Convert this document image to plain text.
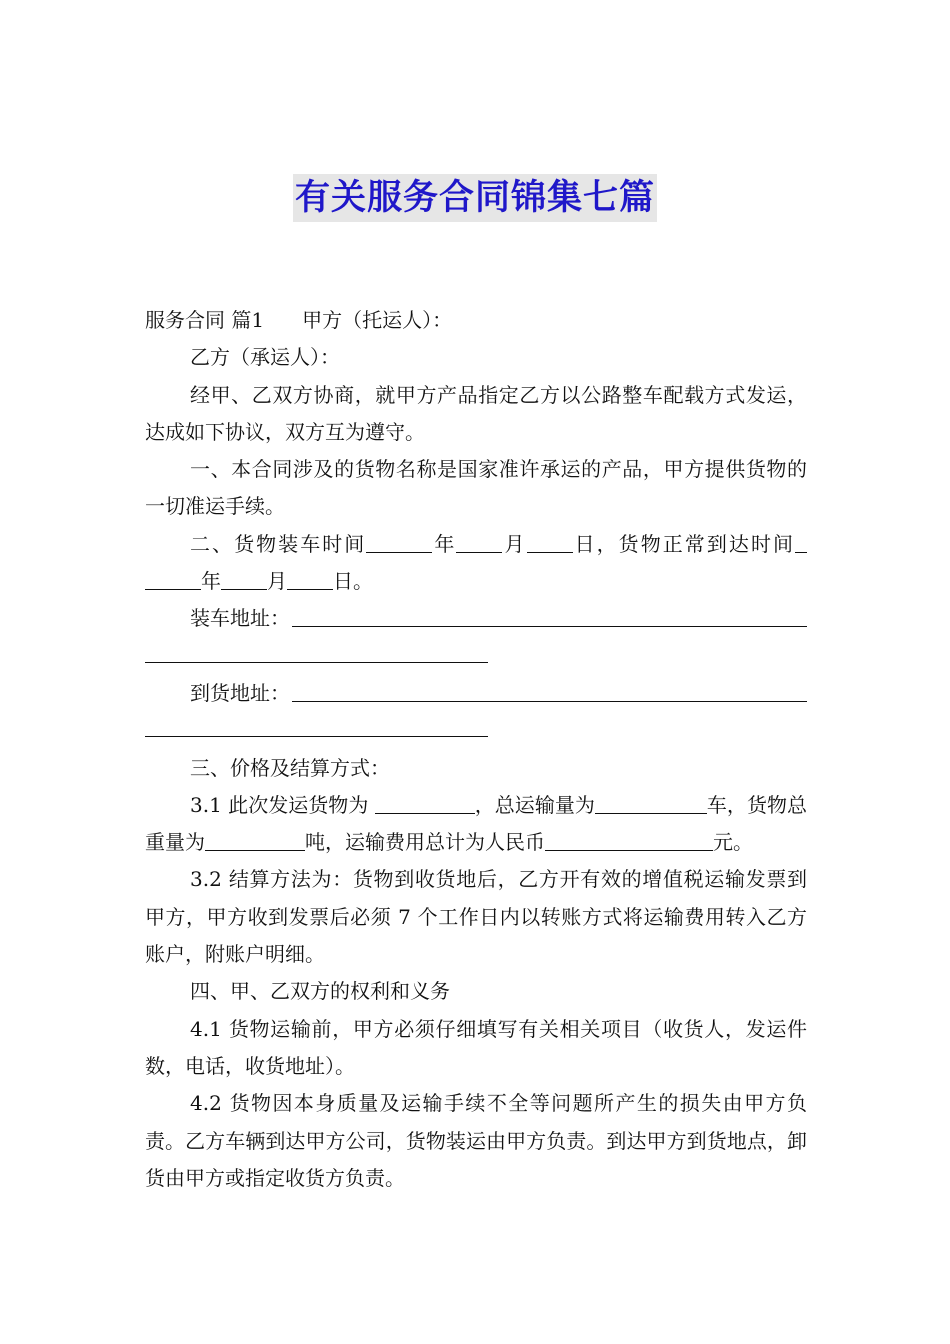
有关服务合同锦集七篇

服务合同 篇1 甲方（托运人）：

乙方（承运人）：

经甲、乙双方协商，就甲方产品指定乙方以公路整车配载方式发运，达成如下协议，双方互为遵守。

一、本合同涉及的货物名称是国家准许承运的产品，甲方提供货物的一切准运手续。

二、货物装车时间	年 月 日，货物正常到达时间年 月 日。

装车地址：
到货地址：

三、价格及结算方式：

3.1 此次发运货物为	，总运输量为	车，货物总重量为	吨，运输费用总计为人民币	元。

3.2 结算方法为：货物到收货地后，乙方开有效的增值税运输发票到甲方，甲方收到发票后必须 7 个工作日内以转账方式将运输费用转入乙方账户，附账户明细。

四、甲、乙双方的权利和义务

4.1 货物运输前，甲方必须仔细填写有关相关项目（收货人，发运件数，电话，收货地址）。

4.2 货物因本身质量及运输手续不全等问题所产生的损失由甲方负责。乙方车辆到达甲方公司，货物装运由甲方负责。到达甲方到货地点，卸货由甲方或指定收货方负责。
